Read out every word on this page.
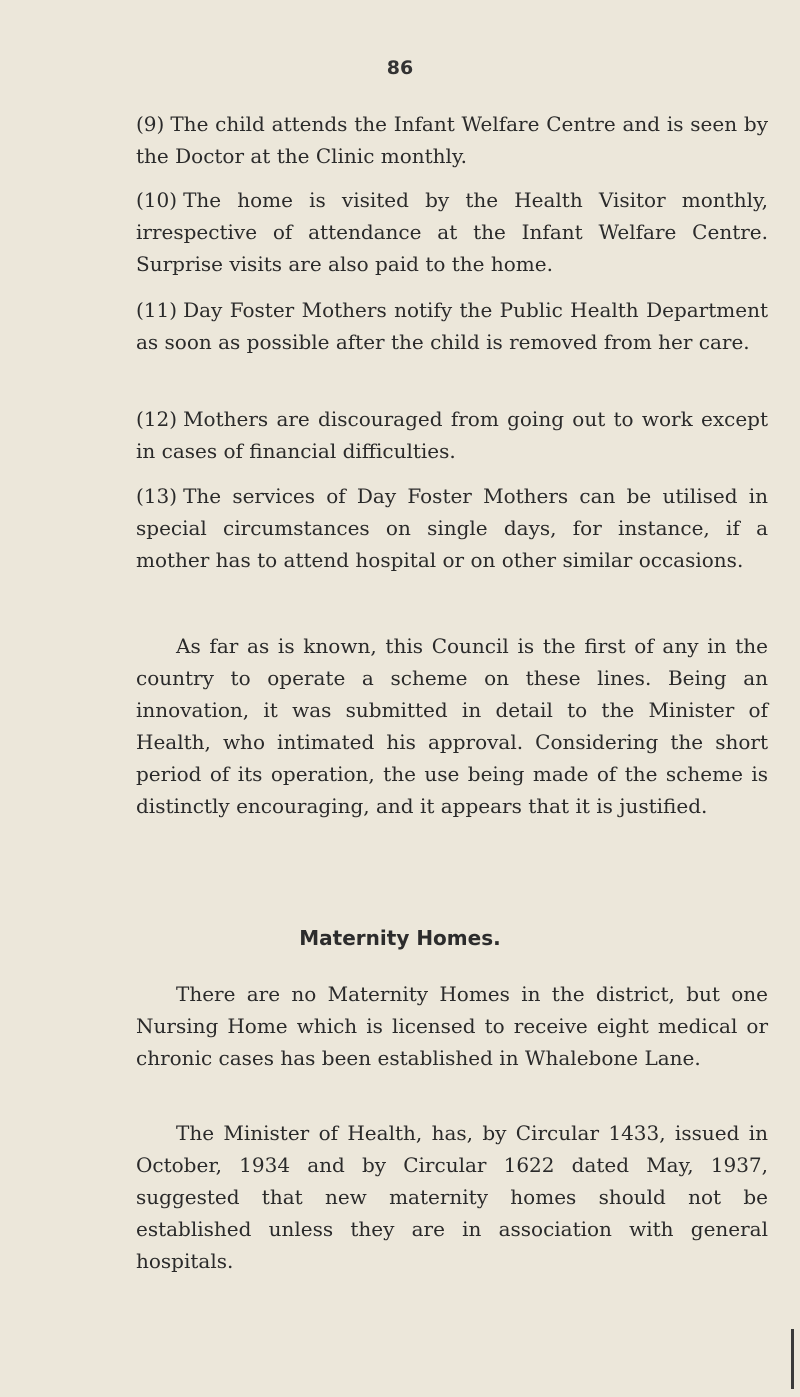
86

(9) The child attends the Infant Welfare Centre and is seen by the Doctor at the Clinic monthly.

(10) The home is visited by the Health Visitor monthly, irrespective of attendance at the Infant Welfare Centre. Surprise visits are also paid to the home.

(11) Day Foster Mothers notify the Public Health Department as soon as possible after the child is removed from her care.

(12) Mothers are discouraged from going out to work except in cases of financial difficulties.

(13) The services of Day Foster Mothers can be utilised in special circumstances on single days, for instance, if a mother has to attend hospital or on other similar occasions.

As far as is known, this Council is the first of any in the country to operate a scheme on these lines. Being an innovation, it was submitted in detail to the Minister of Health, who intimated his approval. Considering the short period of its operation, the use being made of the scheme is distinctly encouraging, and it appears that it is justified.

Maternity Homes.

There are no Maternity Homes in the district, but one Nursing Home which is licensed to receive eight medical or chronic cases has been established in Whalebone Lane.

The Minister of Health, has, by Circular 1433, issued in October, 1934 and by Circular 1622 dated May, 1937, suggested that new maternity homes should not be established unless they are in association with general hospitals.
